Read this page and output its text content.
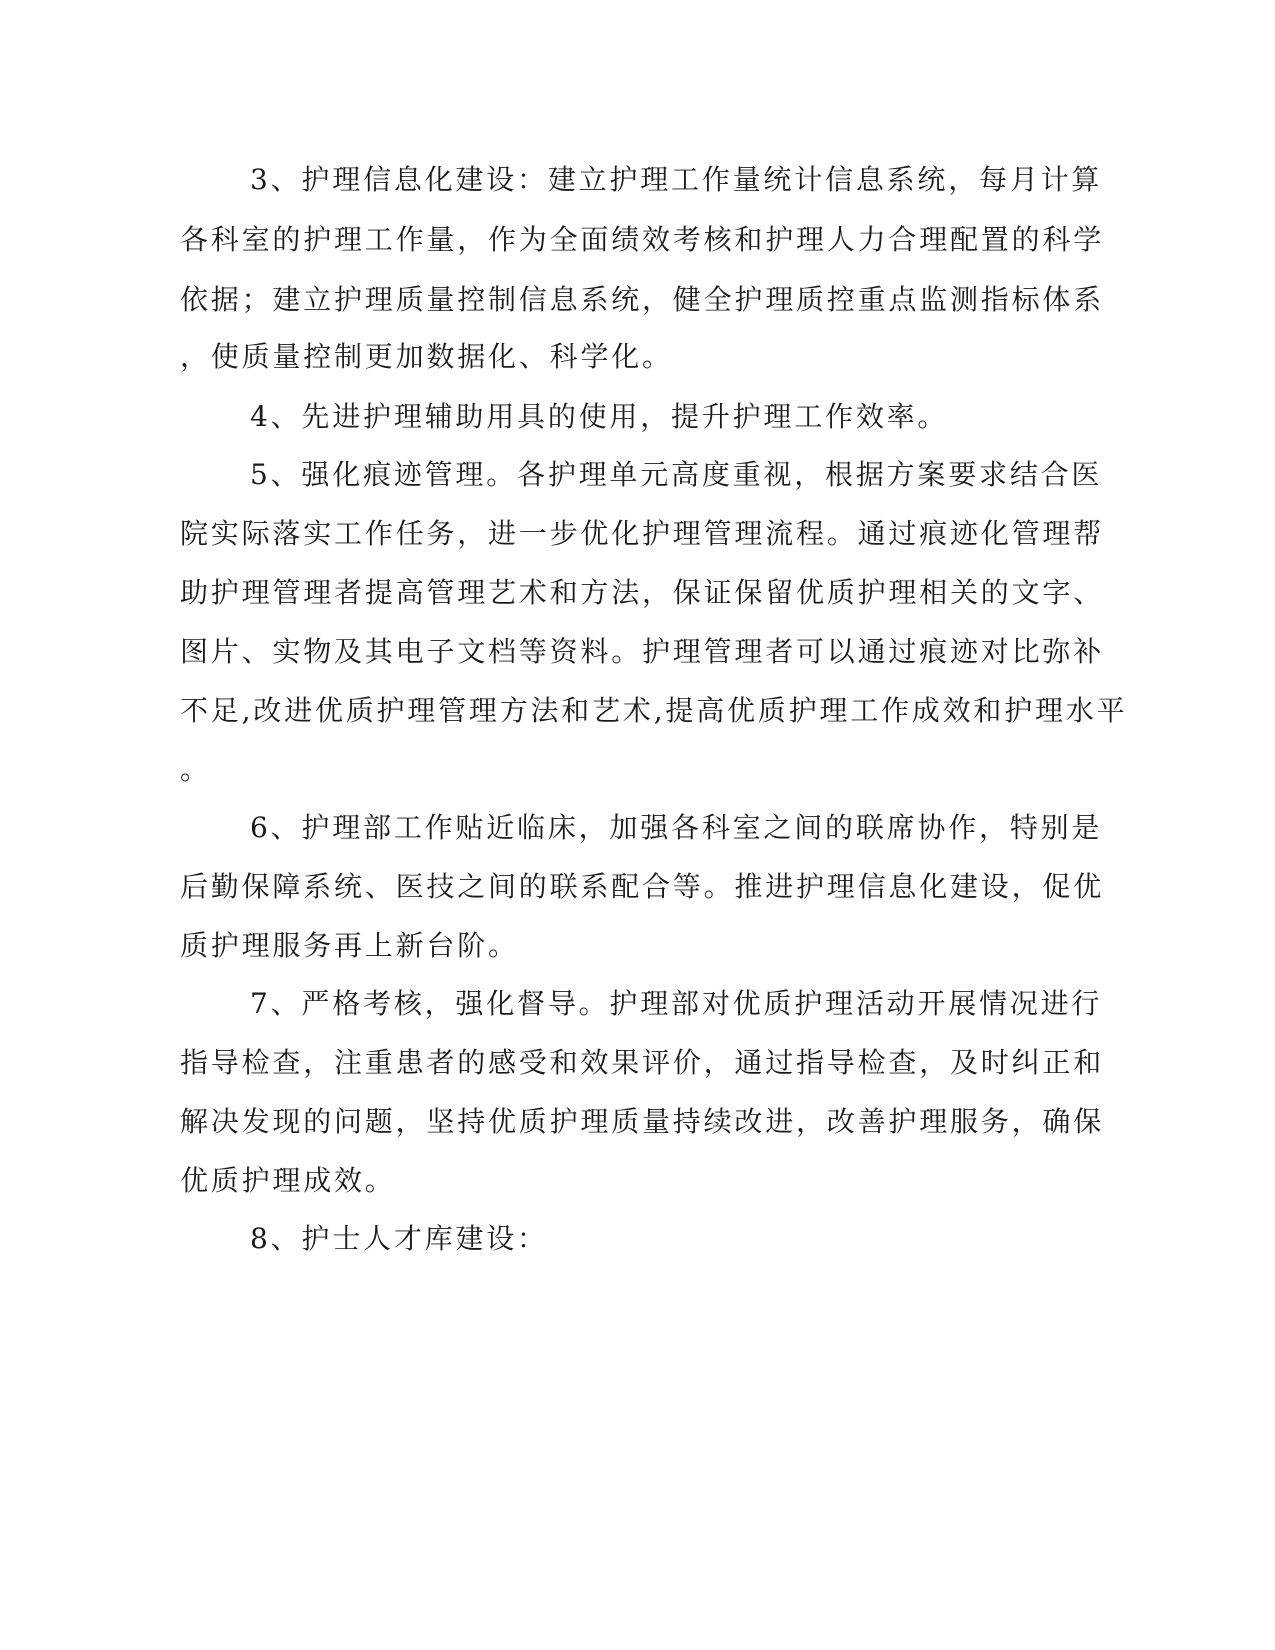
3、护理信息化建设：建立护理工作量统计信息系统，每月计算
各科室的护理工作量，作为全面绩效考核和护理人力合理配置的科学
依据；建立护理质量控制信息系统，健全护理质控重点监测指标体系
，使质量控制更加数据化、科学化。
4、先进护理辅助用具的使用，提升护理工作效率。
5、强化痕迹管理。各护理单元高度重视，根据方案要求结合医
院实际落实工作任务，进一步优化护理管理流程。通过痕迹化管理帮
助护理管理者提高管理艺术和方法，保证保留优质护理相关的文字、
图片、实物及其电子文档等资料。护理管理者可以通过痕迹对比弥补
不足,改进优质护理管理方法和艺术,提高优质护理工作成效和护理水平
。
6、护理部工作贴近临床，加强各科室之间的联席协作，特别是
后勤保障系统、医技之间的联系配合等。推进护理信息化建设，促优
质护理服务再上新台阶。
7、严格考核，强化督导。护理部对优质护理活动开展情况进行
指导检查，注重患者的感受和效果评价，通过指导检查，及时纠正和
解决发现的问题，坚持优质护理质量持续改进，改善护理服务，确保
优质护理成效。
8、护士人才库建设：
